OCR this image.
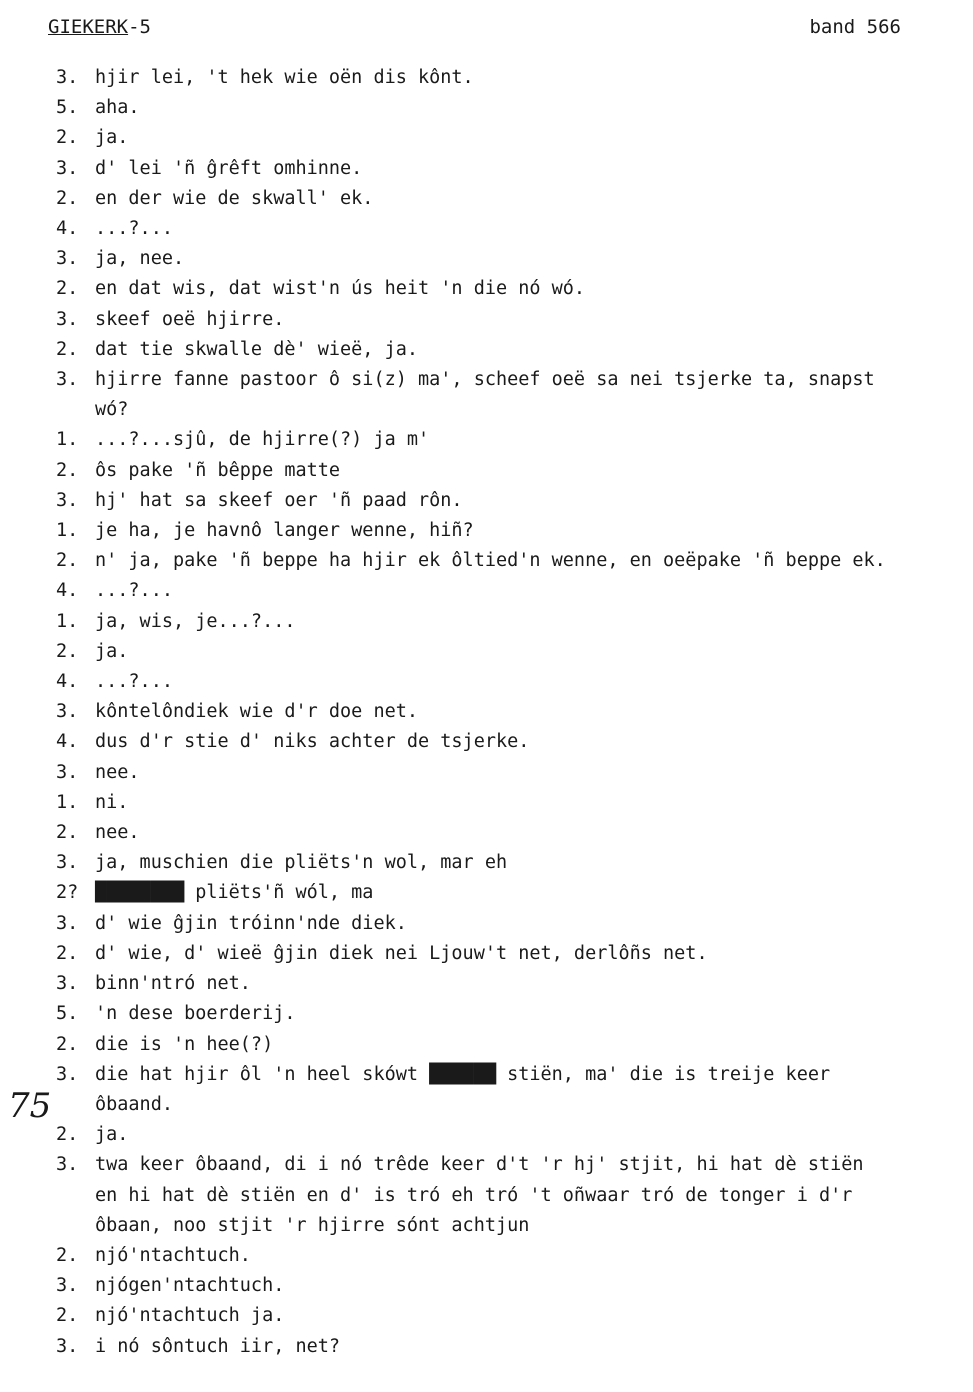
GIEKERK-5	band 566
75
3. hjir lei, 't hek wie oën dis kônt.
5. aha.
2. ja.
3. d' lei 'ñ ĝrêft omhinne.
2. en der wie de skwall' ek.
4. ...?...
3. ja, nee.
2. en dat wis, dat wist'n ús heit 'n die nó wó.
3. skeef oeë hjirre.
2. dat tie skwalle dè' wieë, ja.
3. hjirre fanne pastoor ô si(z) ma', scheef oeë sa nei tsjerke ta, snapst
wó?
1. ...?...sjû, de hjirre(?) ja m'
2. ôs pake 'ñ bêppe matte
3. hj' hat sa skeef oer 'ñ paad rôn.
1. je ha, je havnô langer wenne, hiñ?
2. n' ja, pake 'ñ beppe ha hjir ek ôltied'n wenne, en oeëpake 'ñ beppe ek.
4. ...?...
1. ja, wis, je...?...
2. ja.
4. ...?...
3. kôntelôndiek wie d'r doe net.
4. dus d'r stie d' niks achter de tsjerke.
3. nee.
1. ni.
2. nee.
3. ja, muschien die pliëts'n wol, mar eh
2? ████████ pliëts'ñ wól, ma
3. d' wie ĝjin tróinn'nde diek.
2. d' wie, d' wieë ĝjin diek nei Ljouw't net, derlôñs net.
3. binn'ntró net.
5. 'n dese boerderij.
2. die is 'n hee(?)
3. die hat hjir ôl 'n heel skówt ██████ stiën, ma' die is treije keer
ôbaand.
2. ja.
3. twa keer ôbaand, di i nó trêde keer d't 'r hj' stjit, hi hat dè stiën
en hi hat dè stiën en d' is tró eh tró 't oñwaar tró de tonger i d'r
ôbaan, noo stjit 'r hjirre sónt achtjun
2. njó'ntachtuch.
3. njógen'ntachtuch.
2. njó'ntachtuch ja.
3. i nó sôntuch iir, net?
